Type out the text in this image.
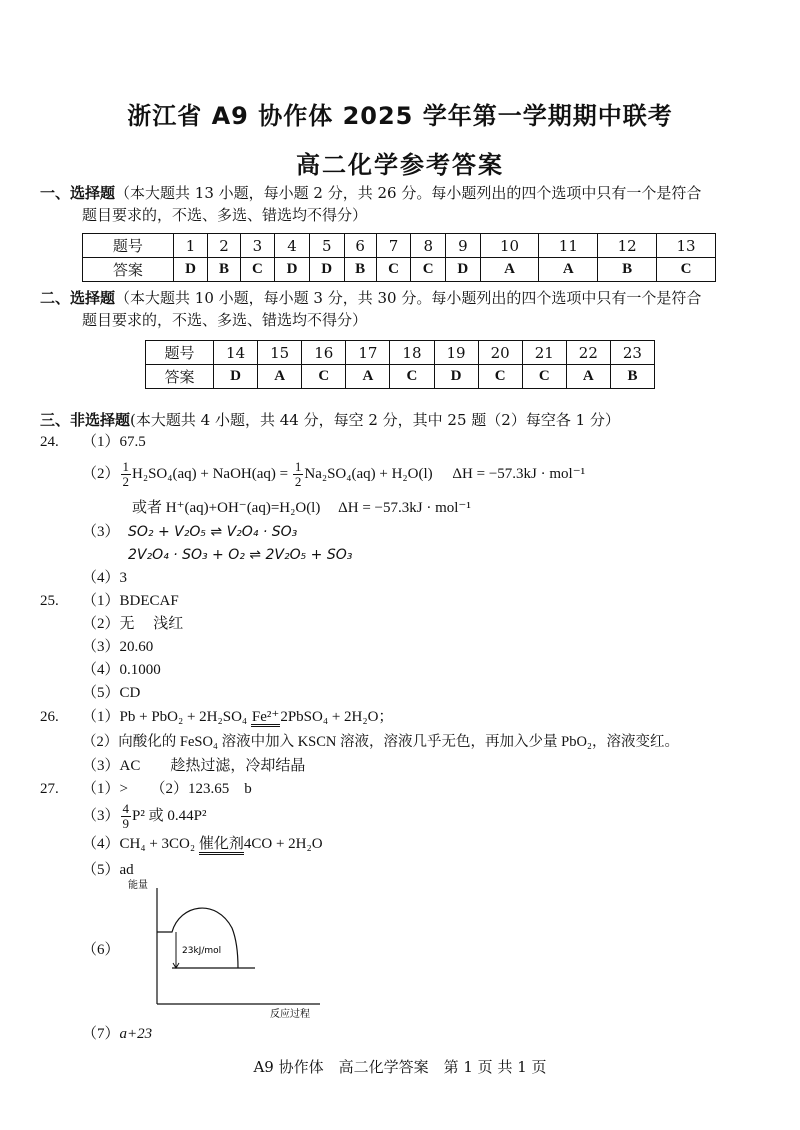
浙江省 A9 协作体 2025 学年第一学期期中联考
高二化学参考答案
一、选择题（本大题共 13 小题，每小题 2 分，共 26 分。每小题列出的四个选项中只有一个是符合
题目要求的，不选、多选、错选均不得分）
题号	1	2	3	4	5	6	7	8	9	10	11	12	13
答案	D	B	C	D	D	B	C	C	D	A	A	B	C
二、选择题（本大题共 10 小题，每小题 3 分，共 30 分。每小题列出的四个选项中只有一个是符合
题目要求的，不选、多选、错选均不得分）
题号	14	15	16	17	18	19	20	21	22	23
答案	D	A	C	A	C	D	C	C	A	B
三、非选择题(本大题共 4 小题，共 44 分，每空 2 分，其中 25 题（2）每空各 1 分）
24. （1）67.5
$(2) \frac{1}{2} H_2SO_4(aq)$ + NaOH(aq) = $\frac{1}{2} Na_2SO_4(aq) + H_2O(l) \Delta H = -57.3kJ \cdot mol^{-1}$
或者 H⁺(aq)+OH⁻(aq)=H₂O(l) ΔH = −57.3kJ · mol⁻¹
（3） SO₂ + V₂O₅ ⇌ V₂O₄ · SO₃
2V₂O₄ · SO₃ + O₂ ⇌ 2V₂O₅ + SO₃
（4）3
25. （1）BDECAF
（2）无　 浅红
（3）20.60
（4）0.1000
（5）CD
26. （1）Pb + PbO₂ + 2H₂SO₄ Fe²⁺2PbSO₄ + 2H₂O；
（2）向酸化的 FeSO₄ 溶液中加入 KSCN 溶液，溶液几乎无色，再加入少量 PbO₂，溶液变红。
（3）AC　　趁热过滤，冷却结晶
27. （1）>　　（2）123.65　b
$(3) \frac{4}{9} P^2$ 或 0.44P²
（4）CH₄ + 3CO₂ 催化剂4CO + 2H₂O
（5）ad
（6）
能量
反应过程
23kJ/mol
（7）a+23
A9 协作体　高二化学答案　第 1 页 共 1 页
